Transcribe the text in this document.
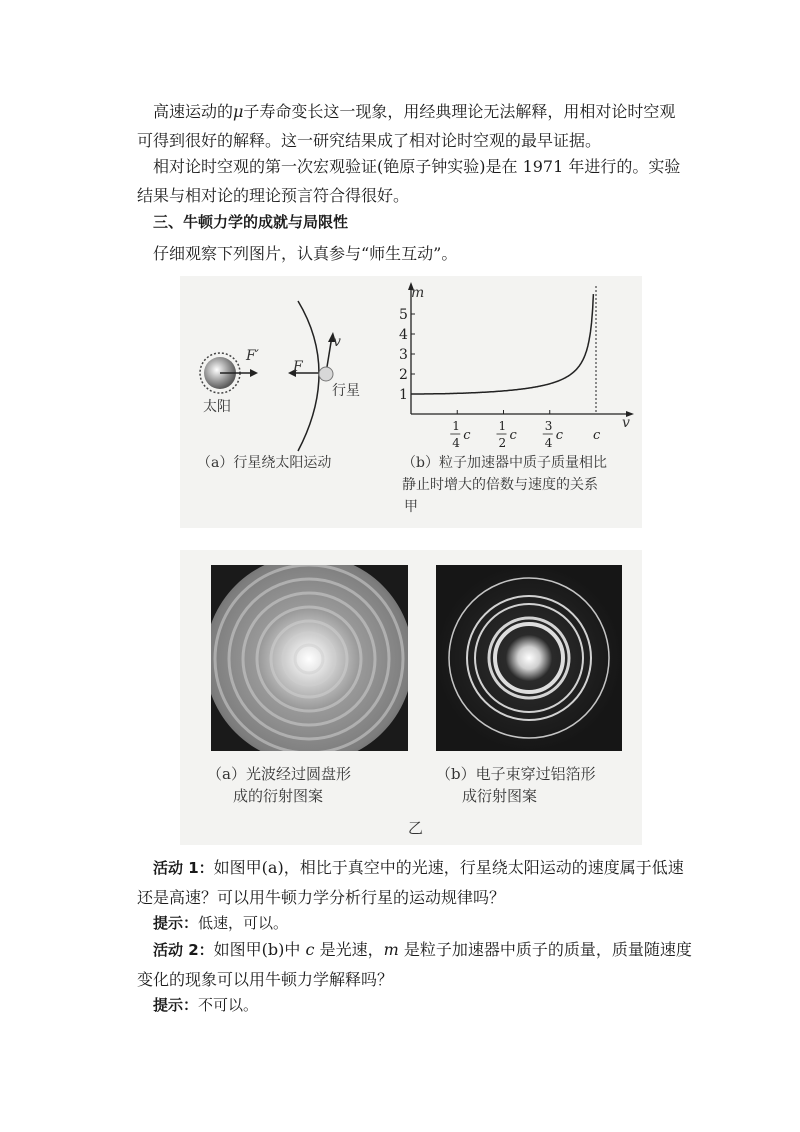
高速运动的μ子寿命变长这一现象，用经典理论无法解释，用相对论时空观
可得到很好的解释。这一研究结果成了相对论时空观的最早证据。
相对论时空观的第一次宏观验证(铯原子钟实验)是在 1971 年进行的。实验
结果与相对论的理论预言符合得很好。
三、牛顿力学的成就与局限性
仔细观察下列图片，认真参与“师生互动”。
F′
F
v
太阳
行星
（a）行星绕太阳运动
1
2
3
4
5
1
4 c
1
2 c
3
4 c c
m
v
（b）粒子加速器中质子质量相比
静止时增大的倍数与速度的关系
甲
（a）光波经过圆盘形
成的衍射图案
（b）电子束穿过铝箔形
成衍射图案
乙
活动 1：如图甲(a)，相比于真空中的光速，行星绕太阳运动的速度属于低速
还是高速？可以用牛顿力学分析行星的运动规律吗？
提示：低速，可以。
活动 2：如图甲(b)中 c 是光速，m 是粒子加速器中质子的质量，质量随速度
变化的现象可以用牛顿力学解释吗？
提示：不可以。
